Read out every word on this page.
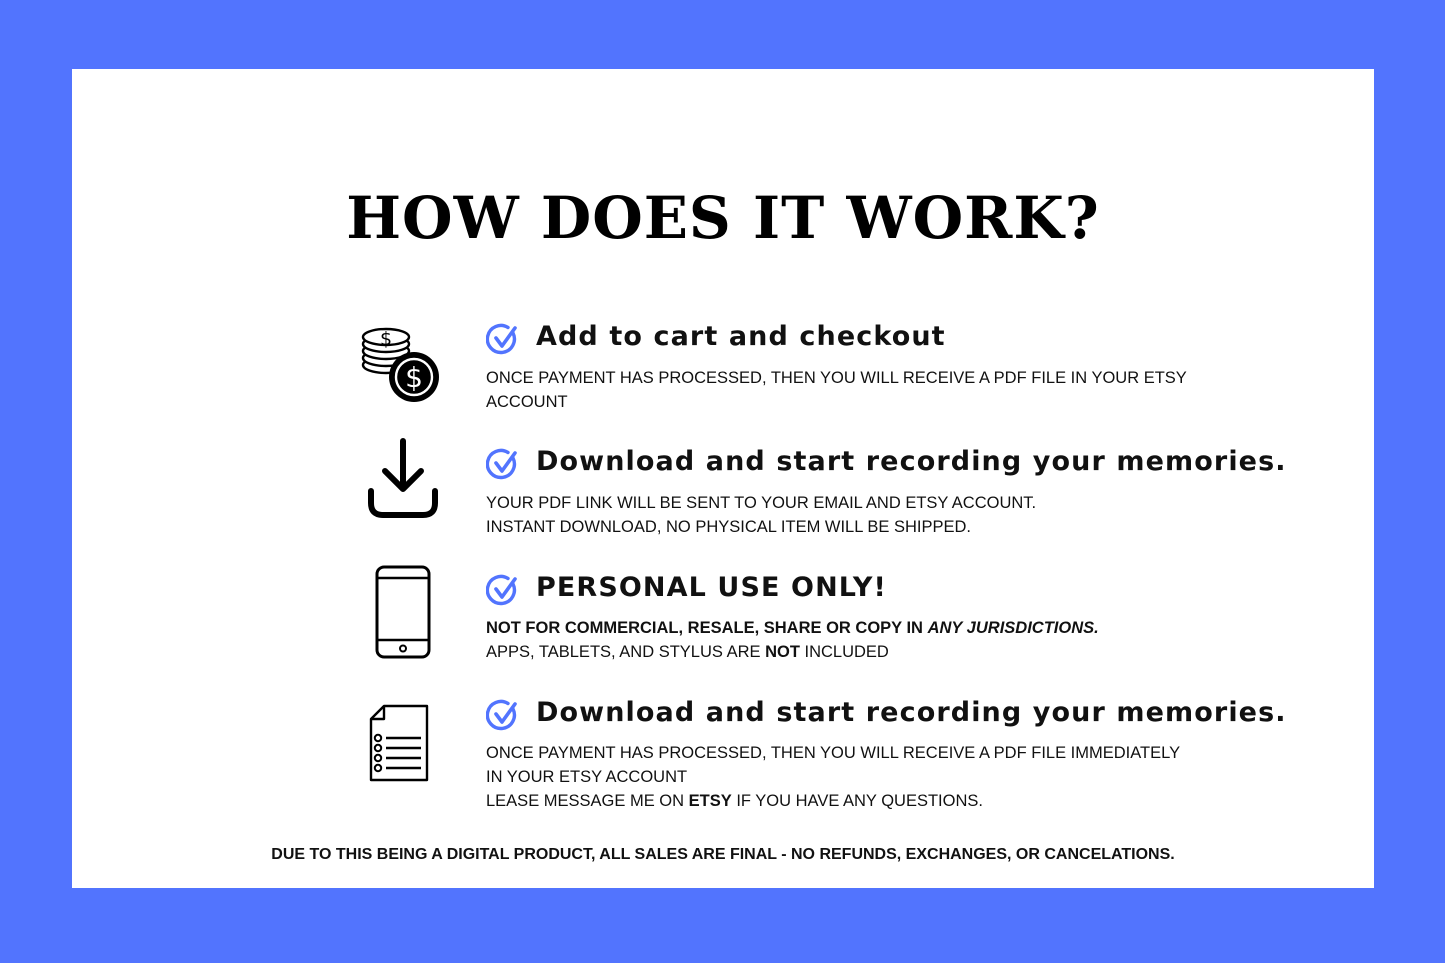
HOW DOES IT WORK?
$
$
Add to cart and checkout

ONCE PAYMENT HAS PROCESSED, THEN YOU WILL RECEIVE A PDF FILE IN YOUR ETSY

ACCOUNT

Download and start recording your memories.

YOUR PDF LINK WILL BE SENT TO YOUR EMAIL AND ETSY ACCOUNT.

INSTANT DOWNLOAD, NO PHYSICAL ITEM WILL BE SHIPPED.

PERSONAL USE ONLY!

NOT FOR COMMERCIAL, RESALE, SHARE OR COPY IN ANY JURISDICTIONS.

APPS, TABLETS, AND STYLUS ARE NOT INCLUDED

Download and start recording your memories.

ONCE PAYMENT HAS PROCESSED, THEN YOU WILL RECEIVE A PDF FILE IMMEDIATELY

IN YOUR ETSY ACCOUNT

LEASE MESSAGE ME ON ETSY IF YOU HAVE ANY QUESTIONS.

DUE TO THIS BEING A DIGITAL PRODUCT, ALL SALES ARE FINAL - NO REFUNDS, EXCHANGES, OR CANCELATIONS.
